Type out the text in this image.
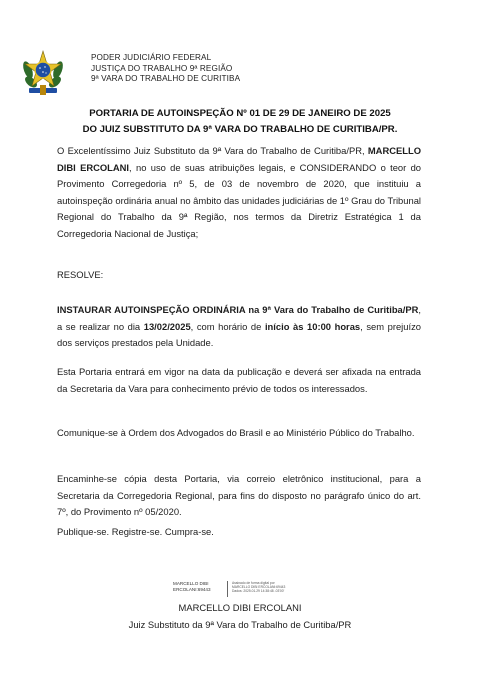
PODER JUDICIÁRIO FEDERAL
JUSTIÇA DO TRABALHO 9ª REGIÃO
9ª VARA DO TRABALHO DE CURITIBA
PORTARIA DE AUTOINSPEÇÃO Nº 01 DE 29 DE JANEIRO DE 2025
DO JUIZ SUBSTITUTO DA 9ª VARA DO TRABALHO DE CURITIBA/PR.
O Excelentíssimo Juiz Substituto da 9ª Vara do Trabalho de Curitiba/PR, MARCELLO DIBI ERCOLANI, no uso de suas atribuições legais, e CONSIDERANDO o teor do Provimento Corregedoria nº 5, de 03 de novembro de 2020, que instituiu a autoinspeção ordinária anual no âmbito das unidades judiciárias de 1º Grau do Tribunal Regional do Trabalho da 9ª Região, nos termos da Diretriz Estratégica 1 da Corregedoria Nacional de Justiça;
RESOLVE:
INSTAURAR AUTOINSPEÇÃO ORDINÁRIA na 9ª Vara do Trabalho de Curitiba/PR, a se realizar no dia 13/02/2025, com horário de início às 10:00 horas, sem prejuízo dos serviços prestados pela Unidade.
Esta Portaria entrará em vigor na data da publicação e deverá ser afixada na entrada da Secretaria da Vara para conhecimento prévio de todos os interessados.
Comunique-se à Ordem dos Advogados do Brasil e ao Ministério Público do Trabalho.
Encaminhe-se cópia desta Portaria, via correio eletrônico institucional, para a Secretaria da Corregedoria Regional, para fins do disposto no parágrafo único do art. 7º, do Provimento nº 05/2020.
Publique-se. Registre-se. Cumpra-se.
MARCELLO DIBI
ERCOLANI:69443
Assinado de forma digital por
MARCELLO DIBI ERCOLANI:69443
Dados: 2025.01.29 14:38:48 -03'00'
MARCELLO DIBI ERCOLANI
Juiz Substituto da 9ª Vara do Trabalho de Curitiba/PR
